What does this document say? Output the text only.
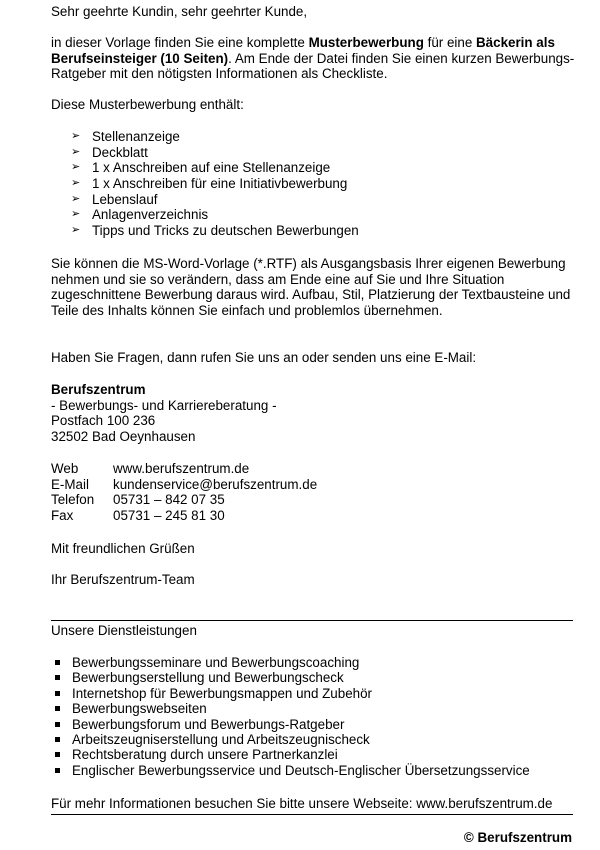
Sehr geehrte Kundin, sehr geehrter Kunde,

in dieser Vorlage finden Sie eine komplette Musterbewerbung für eine Bäckerin als Berufseinsteiger (10 Seiten). Am Ende der Datei finden Sie einen kurzen Bewerbungs-Ratgeber mit den nötigsten Informationen als Checkliste.

Diese Musterbewerbung enthält:

➢ Stellenanzeige
➢ Deckblatt
➢ 1 x Anschreiben auf eine Stellenanzeige
➢ 1 x Anschreiben für eine Initiativbewerbung
➢ Lebenslauf
➢ Anlagenverzeichnis
➢ Tipps und Tricks zu deutschen Bewerbungen

Sie können die MS-Word-Vorlage (*.RTF) als Ausgangsbasis Ihrer eigenen Bewerbung nehmen und sie so verändern, dass am Ende eine auf Sie und Ihre Situation zugeschnittene Bewerbung daraus wird. Aufbau, Stil, Platzierung der Textbausteine und Teile des Inhalts können Sie einfach und problemlos übernehmen.

Haben Sie Fragen, dann rufen Sie uns an oder senden uns eine E-Mail:

Berufszentrum
- Bewerbungs- und Karriereberatung -
Postfach 100 236
32502 Bad Oeynhausen
Web	www.berufszentrum.de
E-Mail	kundenservice@berufszentrum.de
Telefon	05731 – 842 07 35
Fax	05731 – 245 81 30

Mit freundlichen Grüßen

Ihr Berufszentrum-Team

Unsere Dienstleistungen

Bewerbungsseminare und Bewerbungscoaching
Bewerbungserstellung und Bewerbungscheck
Internetshop für Bewerbungsmappen und Zubehör
Bewerbungswebseiten
Bewerbungsforum und Bewerbungs-Ratgeber
Arbeitszeugniserstellung und Arbeitszeugnischeck
Rechtsberatung durch unsere Partnerkanzlei
Englischer Bewerbungsservice und Deutsch-Englischer Übersetzungsservice

Für mehr Informationen besuchen Sie bitte unsere Webseite: www.berufszentrum.de

© Berufszentrum
